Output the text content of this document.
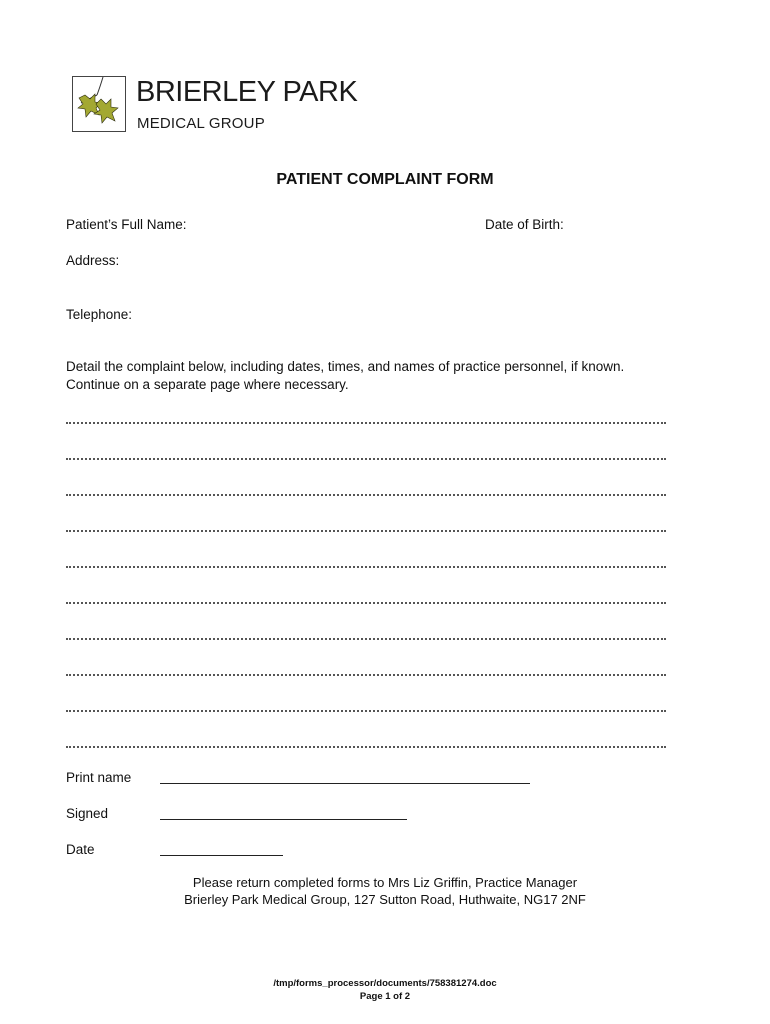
BRIERLEY PARK
MEDICAL GROUP
PATIENT COMPLAINT FORM
Patient’s Full Name:	Date of Birth:
Address:
Telephone:
Detail the complaint below, including dates, times, and names of practice personnel, if known.
Continue on a separate page where necessary.
Print name
Signed
Date
Please return completed forms to Mrs Liz Griffin, Practice Manager
Brierley Park Medical Group, 127 Sutton Road, Huthwaite, NG17 2NF
/tmp/forms_processor/documents/758381274.doc
Page 1 of 2
